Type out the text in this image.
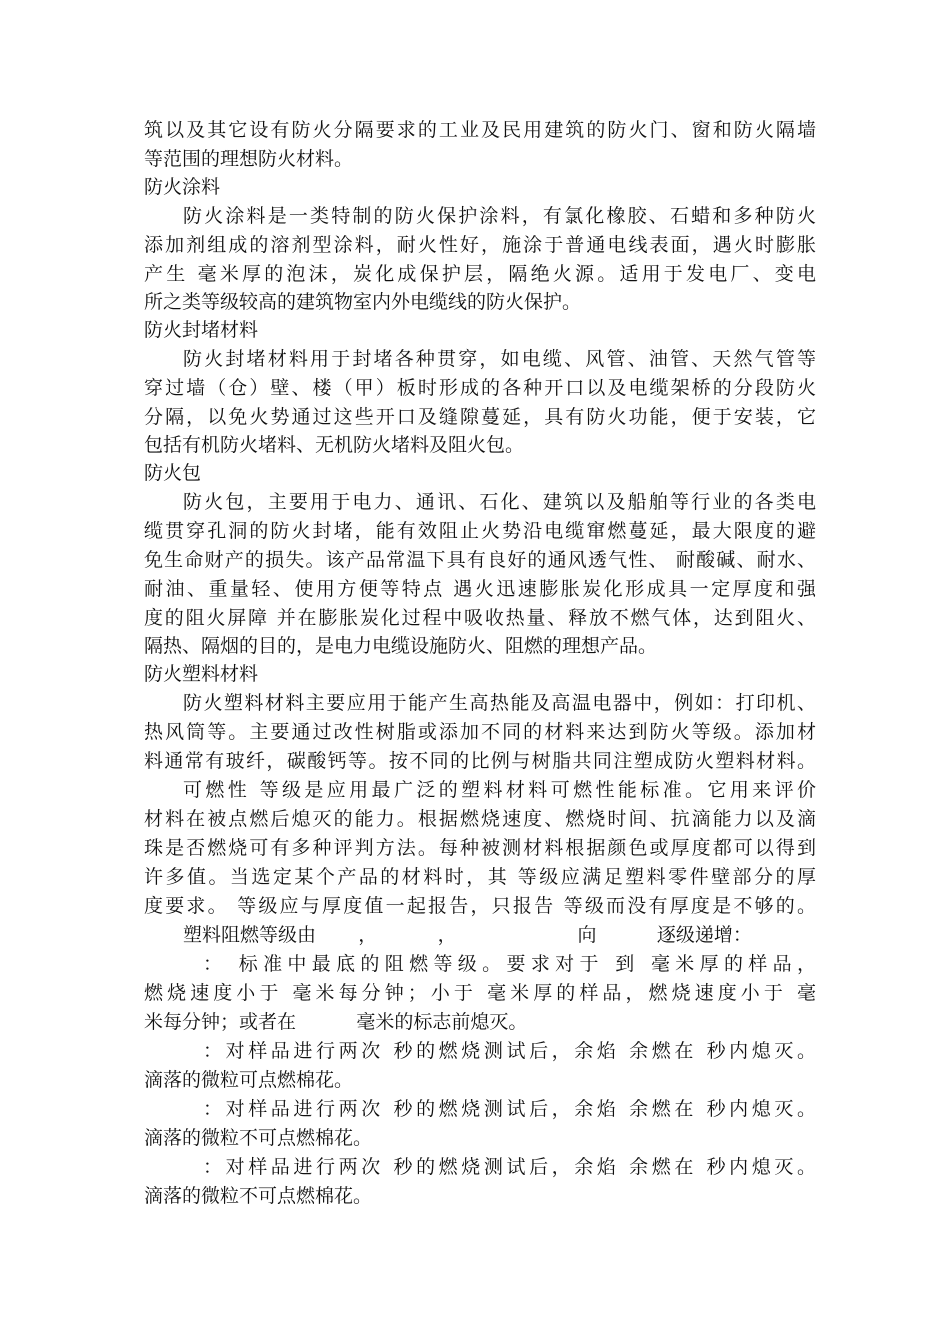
筑以及其它设有防火分隔要求的工业及民用建筑的防火门、窗和防火隔墙
等范围的理想防火材料。
防火涂料
防火涂料是一类特制的防火保护涂料，有氯化橡胶、石蜡和多种防火
添加剂组成的溶剂型涂料，耐火性好，施涂于普通电线表面，遇火时膨胀
产生 毫米厚的泡沫，炭化成保护层，隔绝火源。适用于发电厂、变电
所之类等级较高的建筑物室内外电缆线的防火保护。
防火封堵材料
防火封堵材料用于封堵各种贯穿，如电缆、风管、油管、天然气管等
穿过墙（仓）壁、楼（甲）板时形成的各种开口以及电缆架桥的分段防火
分隔，以免火势通过这些开口及缝隙蔓延，具有防火功能，便于安装，它
包括有机防火堵料、无机防火堵料及阻火包。
防火包
防火包，主要用于电力、通讯、石化、建筑以及船舶等行业的各类电
缆贯穿孔洞的防火封堵，能有效阻止火势沿电缆窜燃蔓延，最大限度的避
免生命财产的损失。该产品常温下具有良好的通风透气性、 耐酸碱、耐水、
耐油、重量轻、使用方便等特点 遇火迅速膨胀炭化形成具一定厚度和强
度的阻火屏障 并在膨胀炭化过程中吸收热量、释放不燃气体，达到阻火、
隔热、隔烟的目的，是电力电缆设施防火、阻燃的理想产品。
防火塑料材料
防火塑料材料主要应用于能产生高热能及高温电器中，例如：打印机、
热风筒等。主要通过改性树脂或添加不同的材料来达到防火等级。添加材
料通常有玻纤，碳酸钙等。按不同的比例与树脂共同注塑成防火塑料材料。
可燃性 等级是应用最广泛的塑料材料可燃性能标准。它用来评价
材料在被点燃后熄灭的能力。根据燃烧速度、燃烧时间、抗滴能力以及滴
珠是否燃烧可有多种评判方法。每种被测材料根据颜色或厚度都可以得到
许多值。当选定某个产品的材料时，其 等级应满足塑料零件壁部分的厚
度要求。 等级应与厚度值一起报告，只报告 等级而没有厚度是不够的。
塑料阻燃等级由       ，          ，                    向          逐级递增：
： 标准中最底的阻燃等级。要求对于 到 毫米厚的样品，
燃烧速度小于 毫米每分钟；小于 毫米厚的样品，燃烧速度小于 毫
米每分钟；或者在          毫米的标志前熄灭。
：对样品进行两次 秒的燃烧测试后，余焰 余燃在 秒内熄灭。
滴落的微粒可点燃棉花。
：对样品进行两次 秒的燃烧测试后，余焰 余燃在 秒内熄灭。
滴落的微粒不可点燃棉花。
：对样品进行两次 秒的燃烧测试后，余焰 余燃在 秒内熄灭。
滴落的微粒不可点燃棉花。
